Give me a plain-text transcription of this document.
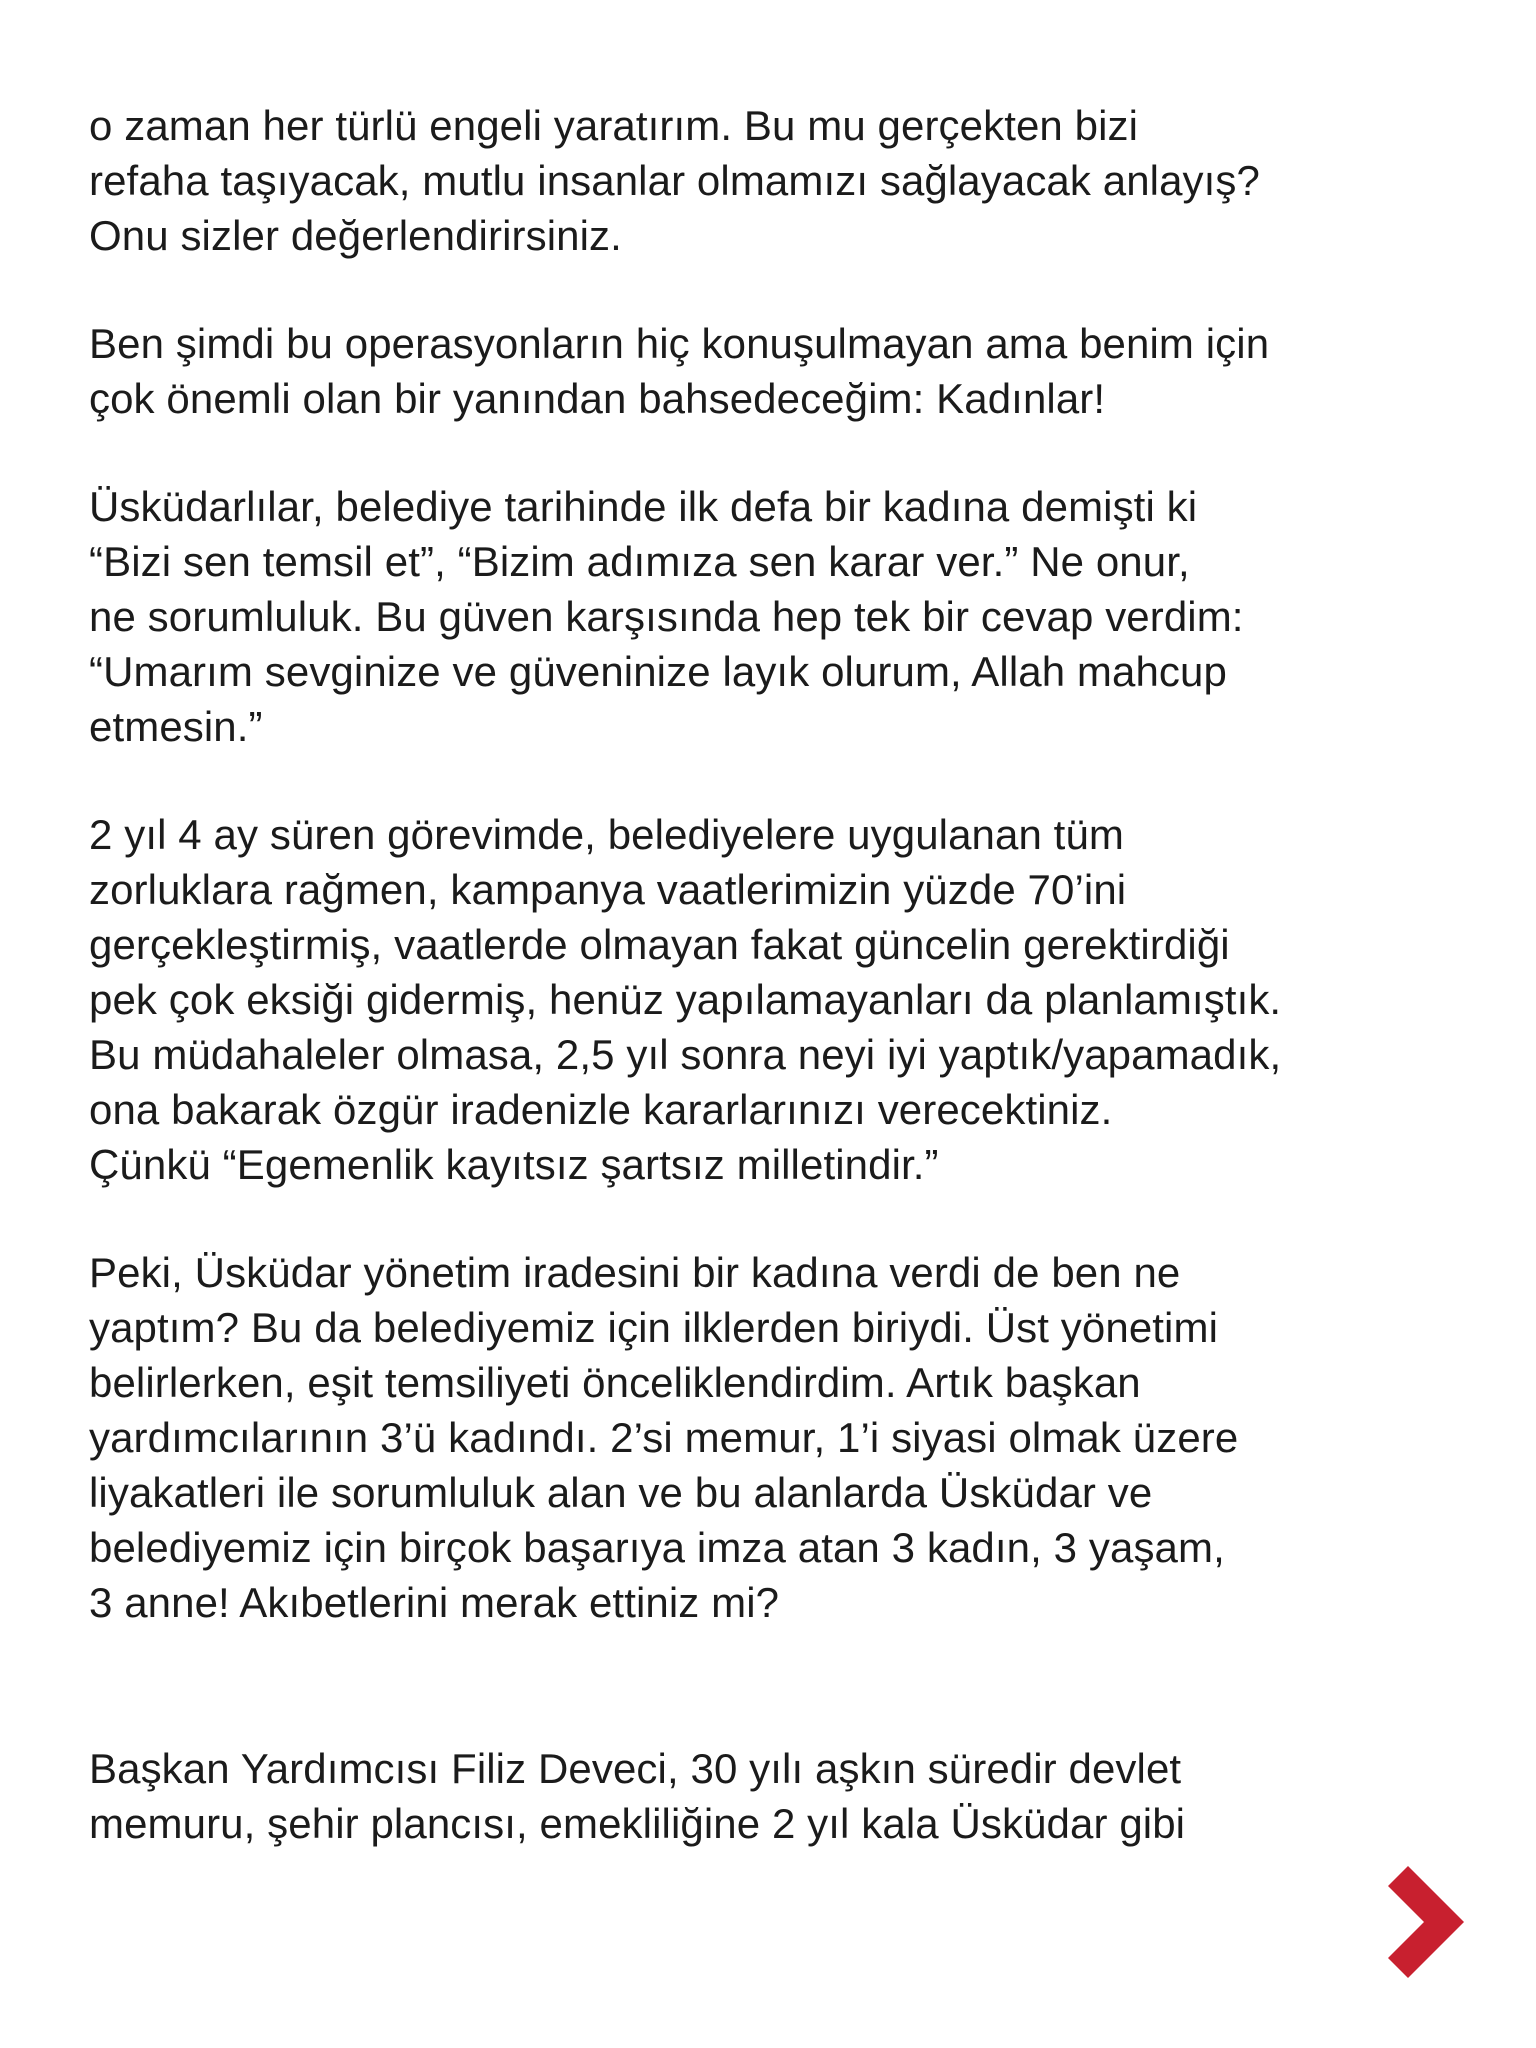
o zaman her türlü engeli yaratırım. Bu mu gerçekten bizi
refaha taşıyacak, mutlu insanlar olmamızı sağlayacak anlayış?
Onu sizler değerlendirirsiniz.

Ben şimdi bu operasyonların hiç konuşulmayan ama benim için
çok önemli olan bir yanından bahsedeceğim: Kadınlar!

Üsküdarlılar, belediye tarihinde ilk defa bir kadına demişti ki
“Bizi sen temsil et”, “Bizim adımıza sen karar ver.” Ne onur,
ne sorumluluk. Bu güven karşısında hep tek bir cevap verdim:
“Umarım sevginize ve güveninize layık olurum, Allah mahcup
etmesin.”

2 yıl 4 ay süren görevimde, belediyelere uygulanan tüm
zorluklara rağmen, kampanya vaatlerimizin yüzde 70’ini
gerçekleştirmiş, vaatlerde olmayan fakat güncelin gerektirdiği
pek çok eksiği gidermiş, henüz yapılamayanları da planlamıştık.
Bu müdahaleler olmasa, 2,5 yıl sonra neyi iyi yaptık/yapamadık,
ona bakarak özgür iradenizle kararlarınızı verecektiniz.
Çünkü “Egemenlik kayıtsız şartsız milletindir.”

Peki, Üsküdar yönetim iradesini bir kadına verdi de ben ne
yaptım? Bu da belediyemiz için ilklerden biriydi. Üst yönetimi
belirlerken, eşit temsiliyeti önceliklendirdim. Artık başkan
yardımcılarının 3’ü kadındı. 2’si memur, 1’i siyasi olmak üzere
liyakatleri ile sorumluluk alan ve bu alanlarda Üsküdar ve
belediyemiz için birçok başarıya imza atan 3 kadın, 3 yaşam,
3 anne! Akıbetlerini merak ettiniz mi?

Başkan Yardımcısı Filiz Deveci, 30 yılı aşkın süredir devlet
memuru, şehir plancısı, emekliliğine 2 yıl kala Üsküdar gibi
